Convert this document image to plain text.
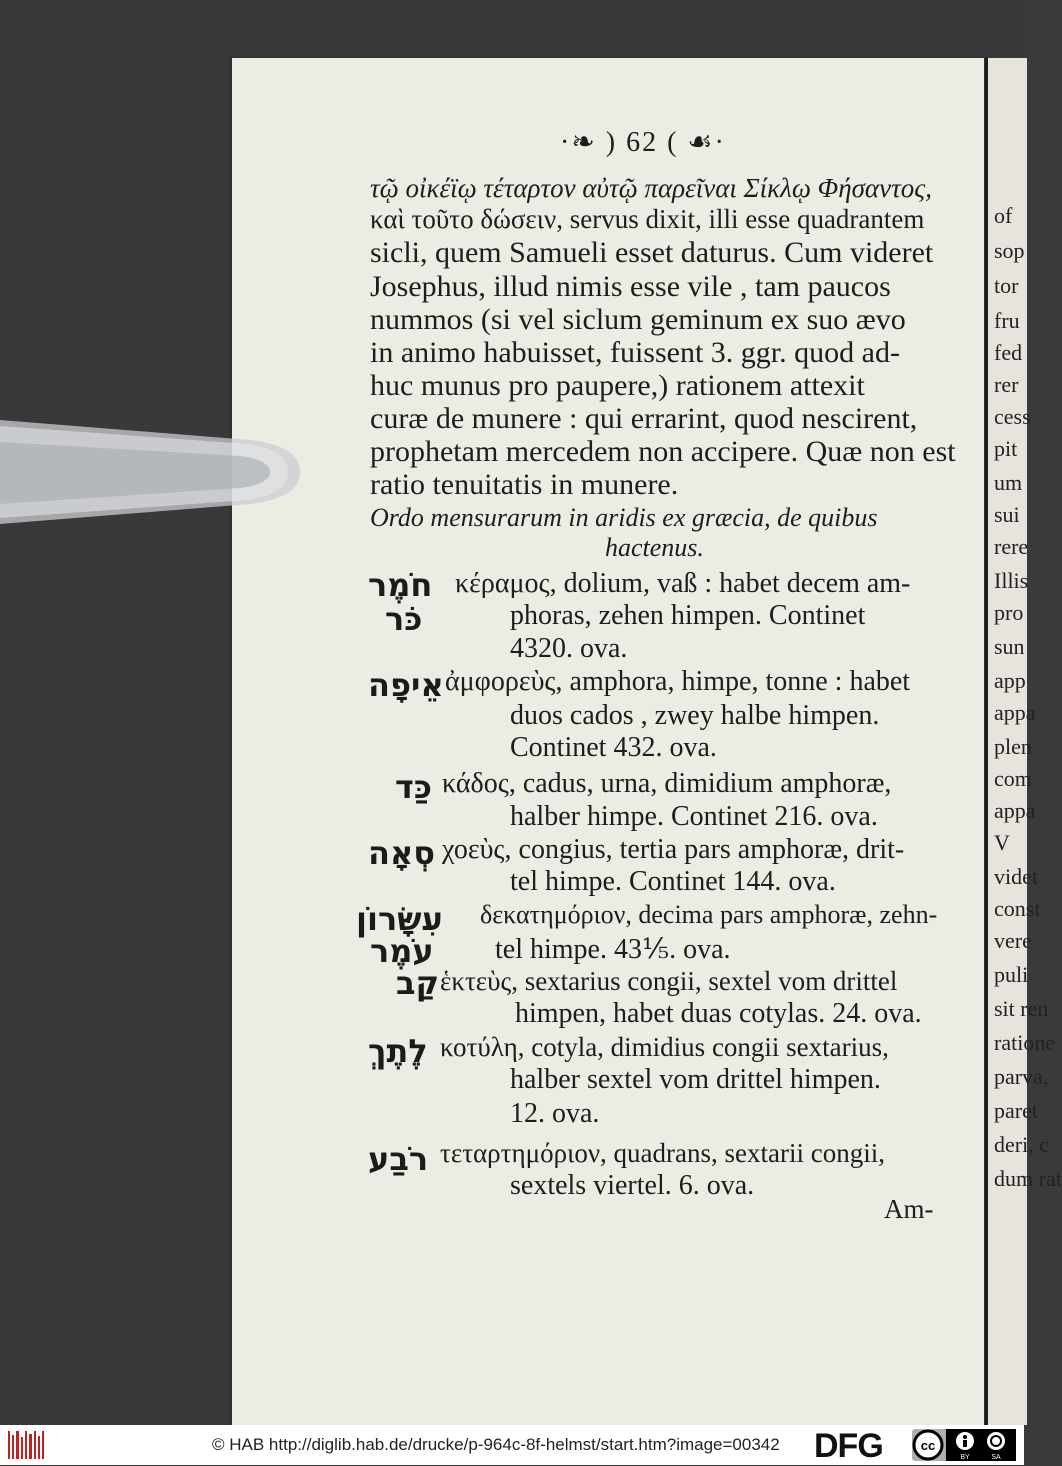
of
sop
tor
fru
fed
rer
cess
pit
um
sui
rere
Illis
pro
sun
app
appa
plen
com
appa
V
videt
const
vere
puli
sit ren
ratione
parva,
paret
deri, c
dum rat
·❧ ) 62 ( ☙·
τῷ οἰκέϊῳ τέταρτον αὐτῷ παρεῖναι Σίκλῳ Φήσαντος,
καὶ τοῦτο δώσειν, servus dixit, illi esse quadrantem
sicli, quem Samueli esset daturus. Cum videret
Josephus, illud nimis esse vile , tam paucos
nummos (si vel siclum geminum ex suo ævo
in animo habuisset, fuissent 3. ggr. quod ad-
huc munus pro paupere,) rationem attexit
curæ de munere : qui errarint, quod nescirent,
prophetam mercedem non accipere. Quæ non est
ratio tenuitatis in munere.
Ordo mensurarum in aridis ex græcia, de quibus
hactenus.
חֹמֶר
כֹּר
κέραμος, dolium, vaß : habet decem am-
phoras, zehen himpen. Continet
4320. ova.
אֵיפָה ἀμφορεὺς, amphora, himpe, tonne : habet
duos cados , zwey halbe himpen.
Continet 432. ova.
כַּד κάδος, cadus, urna, dimidium amphoræ,
halber himpe. Continet 216. ova.
סְאָה χοεὺς, congius, tertia pars amphoræ, drit-
tel himpe. Continet 144. ova.
עִשָּׂרוֹן
עֹמֶר
δεκατημόριον, decima pars amphoræ, zehn-
tel himpe. 43⅕. ova.
קַב ἑκτεὺς, sextarius congii, sextel vom drittel
himpen, habet duas cotylas. 24. ova.
לֶתֶךְ κοτύλη, cotyla, dimidius congii sextarius,
halber sextel vom drittel himpen.
12. ova.
רֹבַע τεταρτημόριον, quadrans, sextarii congii,
sextels viertel. 6. ova.
Am-
© HAB http://diglib.hab.de/drucke/p-964c-8f-helmst/start.htm?image=00342 DFG	cc
BY	SA
